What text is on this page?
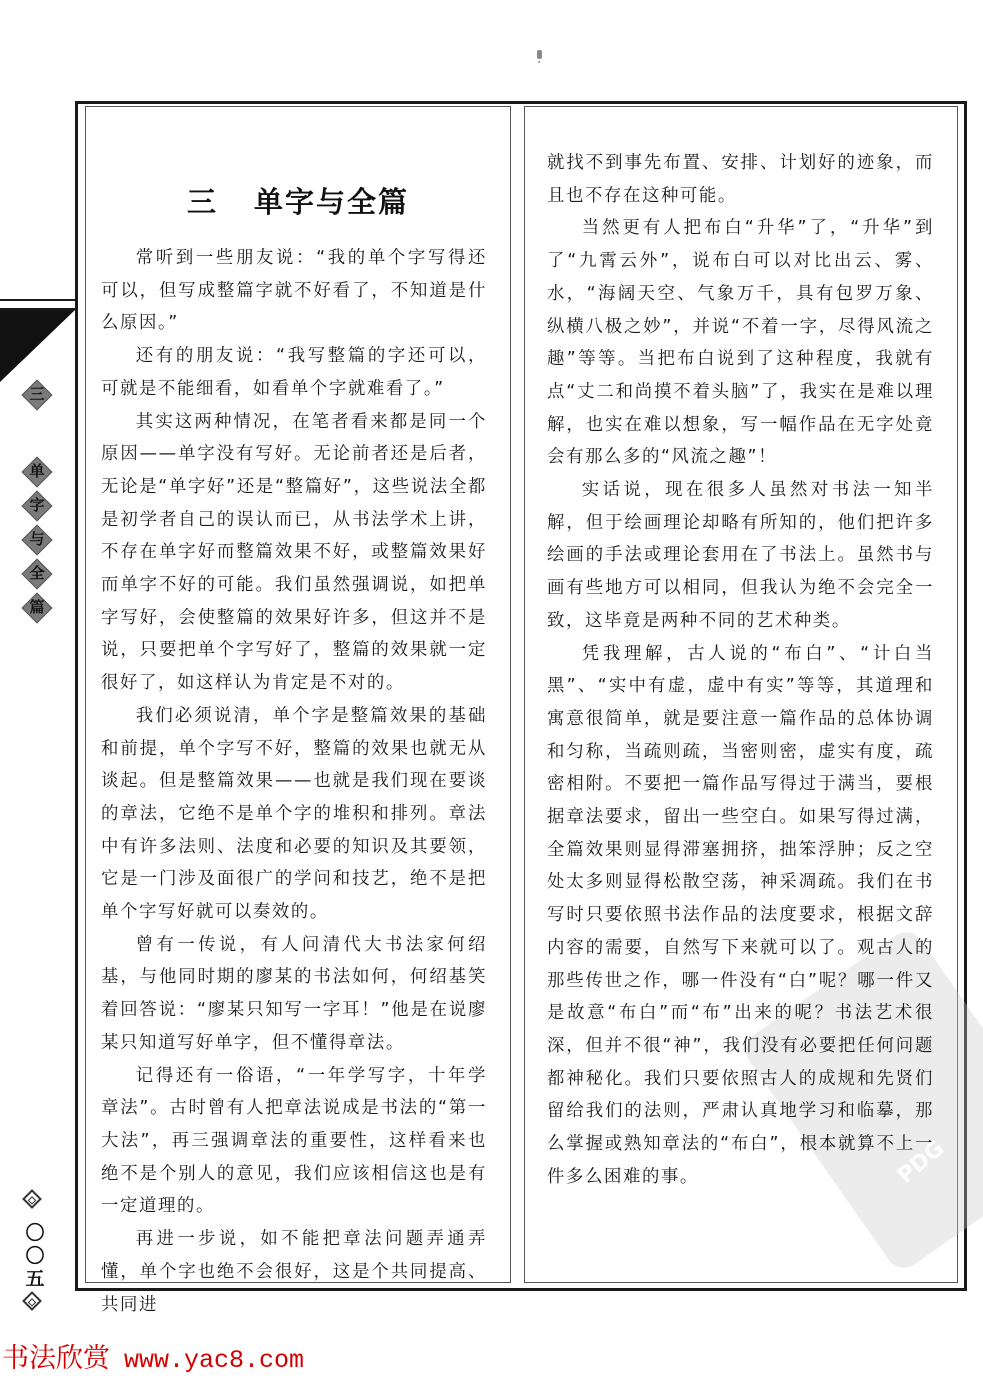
PDG
三 单字与全篇

常听到一些朋友说：“我的单个字写得还可以，但写成整篇字就不好看了，不知道是什么原因。”

还有的朋友说：“我写整篇的字还可以，可就是不能细看，如看单个字就难看了。”

其实这两种情况，在笔者看来都是同一个原因——单字没有写好。无论前者还是后者，无论是“单字好”还是“整篇好”，这些说法全都是初学者自己的误认而已，从书法学术上讲，不存在单字好而整篇效果不好，或整篇效果好而单字不好的可能。我们虽然强调说，如把单字写好，会使整篇的效果好许多，但这并不是说，只要把单个字写好了，整篇的效果就一定很好了，如这样认为肯定是不对的。

我们必须说清，单个字是整篇效果的基础和前提，单个字写不好，整篇的效果也就无从谈起。但是整篇效果——也就是我们现在要谈的章法，它绝不是单个字的堆积和排列。章法中有许多法则、法度和必要的知识及其要领，它是一门涉及面很广的学问和技艺，绝不是把单个字写好就可以奏效的。

曾有一传说，有人问清代大书法家何绍基，与他同时期的廖某的书法如何，何绍基笑着回答说：“廖某只知写一字耳！”他是在说廖某只知道写好单字，但不懂得章法。

记得还有一俗语，“一年学写字，十年学章法”。古时曾有人把章法说成是书法的“第一大法”，再三强调章法的重要性，这样看来也绝不是个别人的意见，我们应该相信这也是有一定道理的。

再进一步说，如不能把章法问题弄通弄懂，单个字也绝不会很好，这是个共同提高、共同进

就找不到事先布置、安排、计划好的迹象，而且也不存在这种可能。

当然更有人把布白“升华”了，“升华”到了“九霄云外”，说布白可以对比出云、雾、水，“海阔天空、气象万千，具有包罗万象、纵横八极之妙”，并说“不着一字，尽得风流之趣”等等。当把布白说到了这种程度，我就有点“丈二和尚摸不着头脑”了，我实在是难以理解，也实在难以想象，写一幅作品在无字处竟会有那么多的“风流之趣”！

实话说，现在很多人虽然对书法一知半解，但于绘画理论却略有所知的，他们把许多绘画的手法或理论套用在了书法上。虽然书与画有些地方可以相同，但我认为绝不会完全一致，这毕竟是两种不同的艺术种类。

凭我理解，古人说的“布白”、“计白当黑”、“实中有虚，虚中有实”等等，其道理和寓意很简单，就是要注意一篇作品的总体协调和匀称，当疏则疏，当密则密，虚实有度，疏密相附。不要把一篇作品写得过于满当，要根据章法要求，留出一些空白。如果写得过满，全篇效果则显得滞塞拥挤，拙笨浮肿；反之空处太多则显得松散空荡，神采凋疏。我们在书写时只要依照书法作品的法度要求，根据文辞内容的需要，自然写下来就可以了。观古人的那些传世之作，哪一件没有“白”呢？哪一件又是故意“布白”而“布”出来的呢？书法艺术很深，但并不很“神”，我们没有必要把任何问题都神秘化。我们只要依照古人的成规和先贤们留给我们的法则，严肃认真地学习和临摹，那么掌握或熟知章法的“布白”，根本就算不上一件多么困难的事。

三
单
字
与
全
篇
〇
〇
五
书法欣赏 www.yac8.com
